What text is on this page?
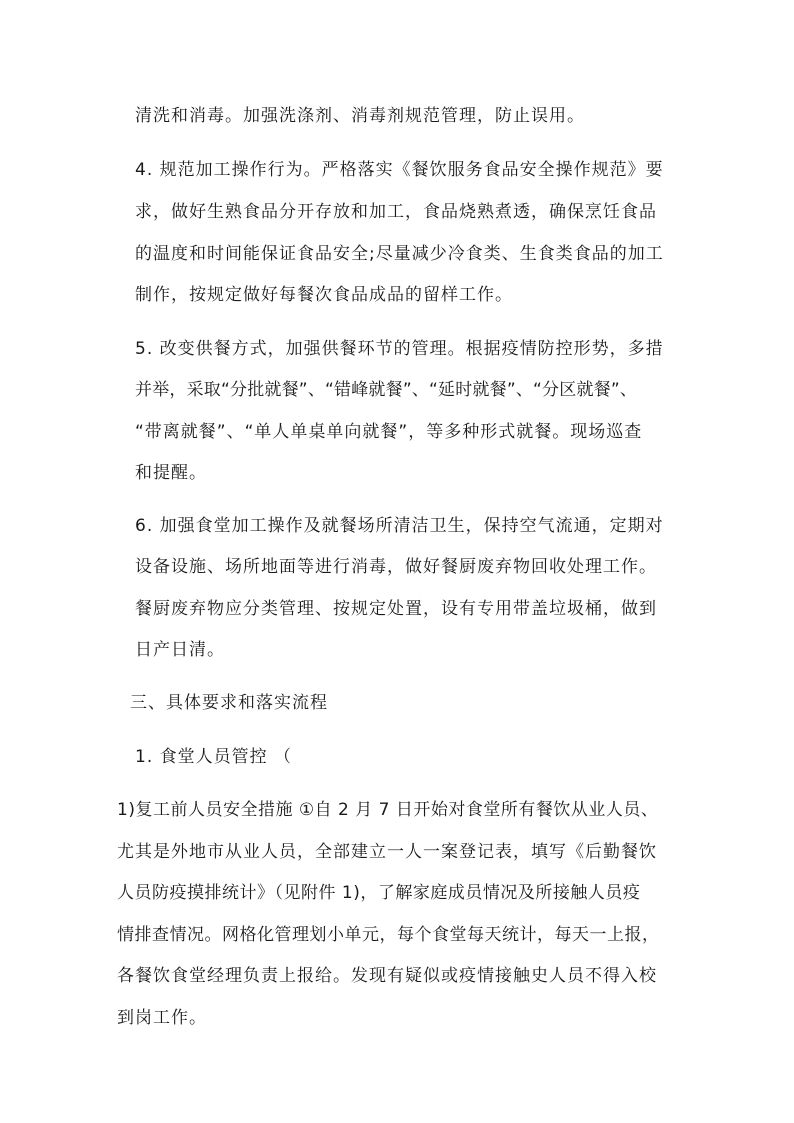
清洗和消毒。加强洗涤剂、消毒剂规范管理，防止误用。
4. 规范加工操作行为。严格落实《餐饮服务食品安全操作规范》要
求，做好生熟食品分开存放和加工，食品烧熟煮透，确保烹饪食品
的温度和时间能保证食品安全;尽量减少冷食类、生食类食品的加工
制作，按规定做好每餐次食品成品的留样工作。
5. 改变供餐方式，加强供餐环节的管理。根据疫情防控形势，多措
并举，采取“分批就餐”、“错峰就餐”、“延时就餐”、“分区就餐”、
“带离就餐”、“单人单桌单向就餐”，等多种形式就餐。现场巡查
和提醒。
6. 加强食堂加工操作及就餐场所清洁卫生，保持空气流通，定期对
设备设施、场所地面等进行消毒，做好餐厨废弃物回收处理工作。
餐厨废弃物应分类管理、按规定处置，设有专用带盖垃圾桶，做到
日产日清。
三、具体要求和落实流程
1. 食堂人员管控 （
1)复工前人员安全措施 ①自 2 月 7 日开始对食堂所有餐饮从业人员、
尤其是外地市从业人员，全部建立一人一案登记表，填写《后勤餐饮
人员防疫摸排统计》（见附件 1)，了解家庭成员情况及所接触人员疫
情排查情况。网格化管理划小单元，每个食堂每天统计，每天一上报，
各餐饮食堂经理负责上报给。发现有疑似或疫情接触史人员不得入校
到岗工作。
